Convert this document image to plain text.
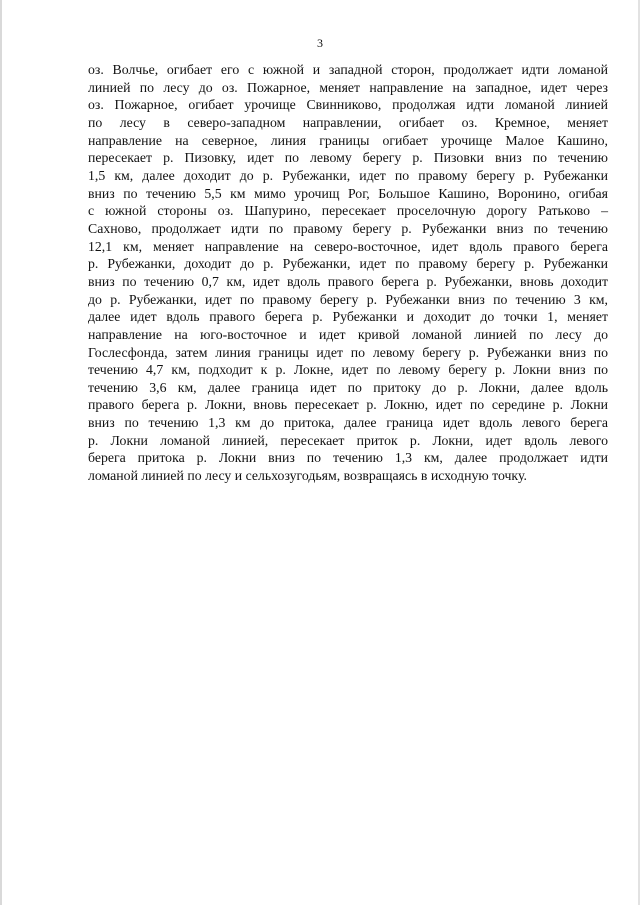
3
оз. Волчье, огибает его с южной и западной сторон, продолжает идти ломаной
линией по лесу до оз. Пожарное, меняет направление на западное, идет через
оз. Пожарное, огибает урочище Свинниково, продолжая идти ломаной линией
по лесу в северо-западном направлении, огибает оз. Кремное, меняет
направление на северное, линия границы огибает урочище Малое Кашино,
пересекает р. Пизовку, идет по левому берегу р. Пизовки вниз по течению
1,5 км, далее доходит до р. Рубежанки, идет по правому берегу р. Рубежанки
вниз по течению 5,5 км мимо урочищ Рог, Большое Кашино, Воронино, огибая
с южной стороны оз. Шапурино, пересекает проселочную дорогу Ратьково –
Сахново, продолжает идти по правому берегу р. Рубежанки вниз по течению
12,1 км, меняет направление на северо-восточное, идет вдоль правого берега
р. Рубежанки, доходит до р. Рубежанки, идет по правому берегу р. Рубежанки
вниз по течению 0,7 км, идет вдоль правого берега р. Рубежанки, вновь доходит
до р. Рубежанки, идет по правому берегу р. Рубежанки вниз по течению 3 км,
далее идет вдоль правого берега р. Рубежанки и доходит до точки 1, меняет
направление на юго-восточное и идет кривой ломаной линией по лесу до
Гослесфонда, затем линия границы идет по левому берегу р. Рубежанки вниз по
течению 4,7 км, подходит к р. Локне, идет по левому берегу р. Локни вниз по
течению 3,6 км, далее граница идет по притоку до р. Локни, далее вдоль
правого берега р. Локни, вновь пересекает р. Локню, идет по середине р. Локни
вниз по течению 1,3 км до притока, далее граница идет вдоль левого берега
р. Локни ломаной линией, пересекает приток р. Локни, идет вдоль левого
берега притока р. Локни вниз по течению 1,3 км, далее продолжает идти
ломаной линией по лесу и сельхозугодьям, возвращаясь в исходную точку.
